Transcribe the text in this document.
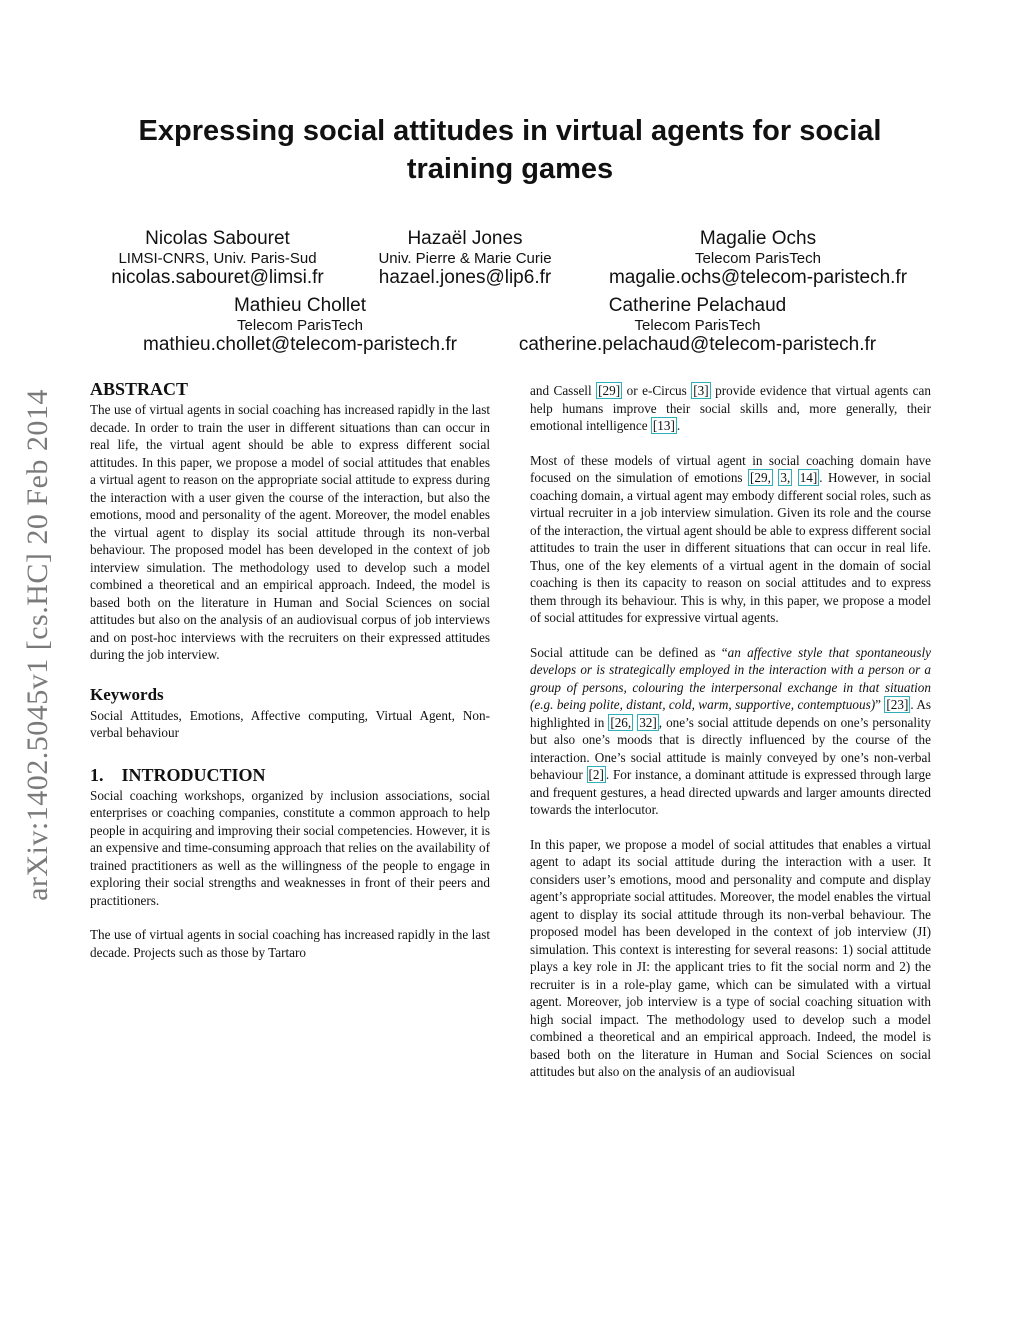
arXiv:1402.5045v1 [cs.HC] 20 Feb 2014
Expressing social attitudes in virtual agents for social training games
Nicolas Sabouret
LIMSI-CNRS, Univ. Paris-Sud
nicolas.sabouret@limsi.fr
Hazaël Jones
Univ. Pierre & Marie Curie
hazael.jones@lip6.fr
Magalie Ochs
Telecom ParisTech
magalie.ochs@telecom-paristech.fr
Mathieu Chollet
Telecom ParisTech
mathieu.chollet@telecom-paristech.fr
Catherine Pelachaud
Telecom ParisTech
catherine.pelachaud@telecom-paristech.fr
ABSTRACT

The use of virtual agents in social coaching has increased rapidly in the last decade. In order to train the user in different situations than can occur in real life, the virtual agent should be able to express different social attitudes. In this paper, we propose a model of social attitudes that enables a virtual agent to reason on the appropriate social attitude to express during the interaction with a user given the course of the interaction, but also the emotions, mood and personality of the agent. Moreover, the model enables the virtual agent to display its social attitude through its non-verbal behaviour. The proposed model has been developed in the context of job interview simulation. The methodology used to develop such a model combined a theoretical and an empirical approach. Indeed, the model is based both on the literature in Human and Social Sciences on social attitudes but also on the analysis of an audiovisual corpus of job interviews and on post-hoc interviews with the recruiters on their expressed attitudes during the job interview.

Keywords

Social Attitudes, Emotions, Affective computing, Virtual Agent, Non-verbal behaviour

1.    INTRODUCTION

Social coaching workshops, organized by inclusion associations, social enterprises or coaching companies, constitute a common approach to help people in acquiring and improving their social competencies. However, it is an expensive and time-consuming approach that relies on the availability of trained practitioners as well as the willingness of the people to engage in exploring their social strengths and weaknesses in front of their peers and practitioners.

The use of virtual agents in social coaching has increased rapidly in the last decade. Projects such as those by Tartaro

and Cassell [29] or e-Circus [3] provide evidence that virtual agents can help humans improve their social skills and, more generally, their emotional intelligence [13] .

Most of these models of virtual agent in social coaching domain have focused on the simulation of emotions [29, 3, 14] . However, in social coaching domain, a virtual agent may embody different social roles, such as virtual recruiter in a job interview simulation. Given its role and the course of the interaction, the virtual agent should be able to express different social attitudes to train the user in different situations that can occur in real life. Thus, one of the key elements of a virtual agent in the domain of social coaching is then its capacity to reason on social attitudes and to express them through its behaviour. This is why, in this paper, we propose a model of social attitudes for expressive virtual agents.

Social attitude can be defined as “an affective style that spontaneously develops or is strategically employed in the interaction with a person or a group of persons, colouring the interpersonal exchange in that situation (e.g. being polite, distant, cold, warm, supportive, contemptuous)” [23] . As highlighted in [26, 32] , one’s social attitude depends on one’s personality but also one’s moods that is directly influenced by the course of the interaction. One’s social attitude is mainly conveyed by one’s non-verbal behaviour [2] . For instance, a dominant attitude is expressed through large and frequent gestures, a head directed upwards and larger amounts directed towards the interlocutor.

In this paper, we propose a model of social attitudes that enables a virtual agent to adapt its social attitude during the interaction with a user. It considers user’s emotions, mood and personality and compute and display agent’s appropriate social attitudes. Moreover, the model enables the virtual agent to display its social attitude through its non-verbal behaviour. The proposed model has been developed in the context of job interview (JI) simulation. This context is interesting for several reasons: 1) social attitude plays a key role in JI: the applicant tries to fit the social norm and 2) the recruiter is in a role-play game, which can be simulated with a virtual agent. Moreover, job interview is a type of social coaching situation with high social impact. The methodology used to develop such a model combined a theoretical and an empirical approach. Indeed, the model is based both on the literature in Human and Social Sciences on social attitudes but also on the analysis of an audiovisual
